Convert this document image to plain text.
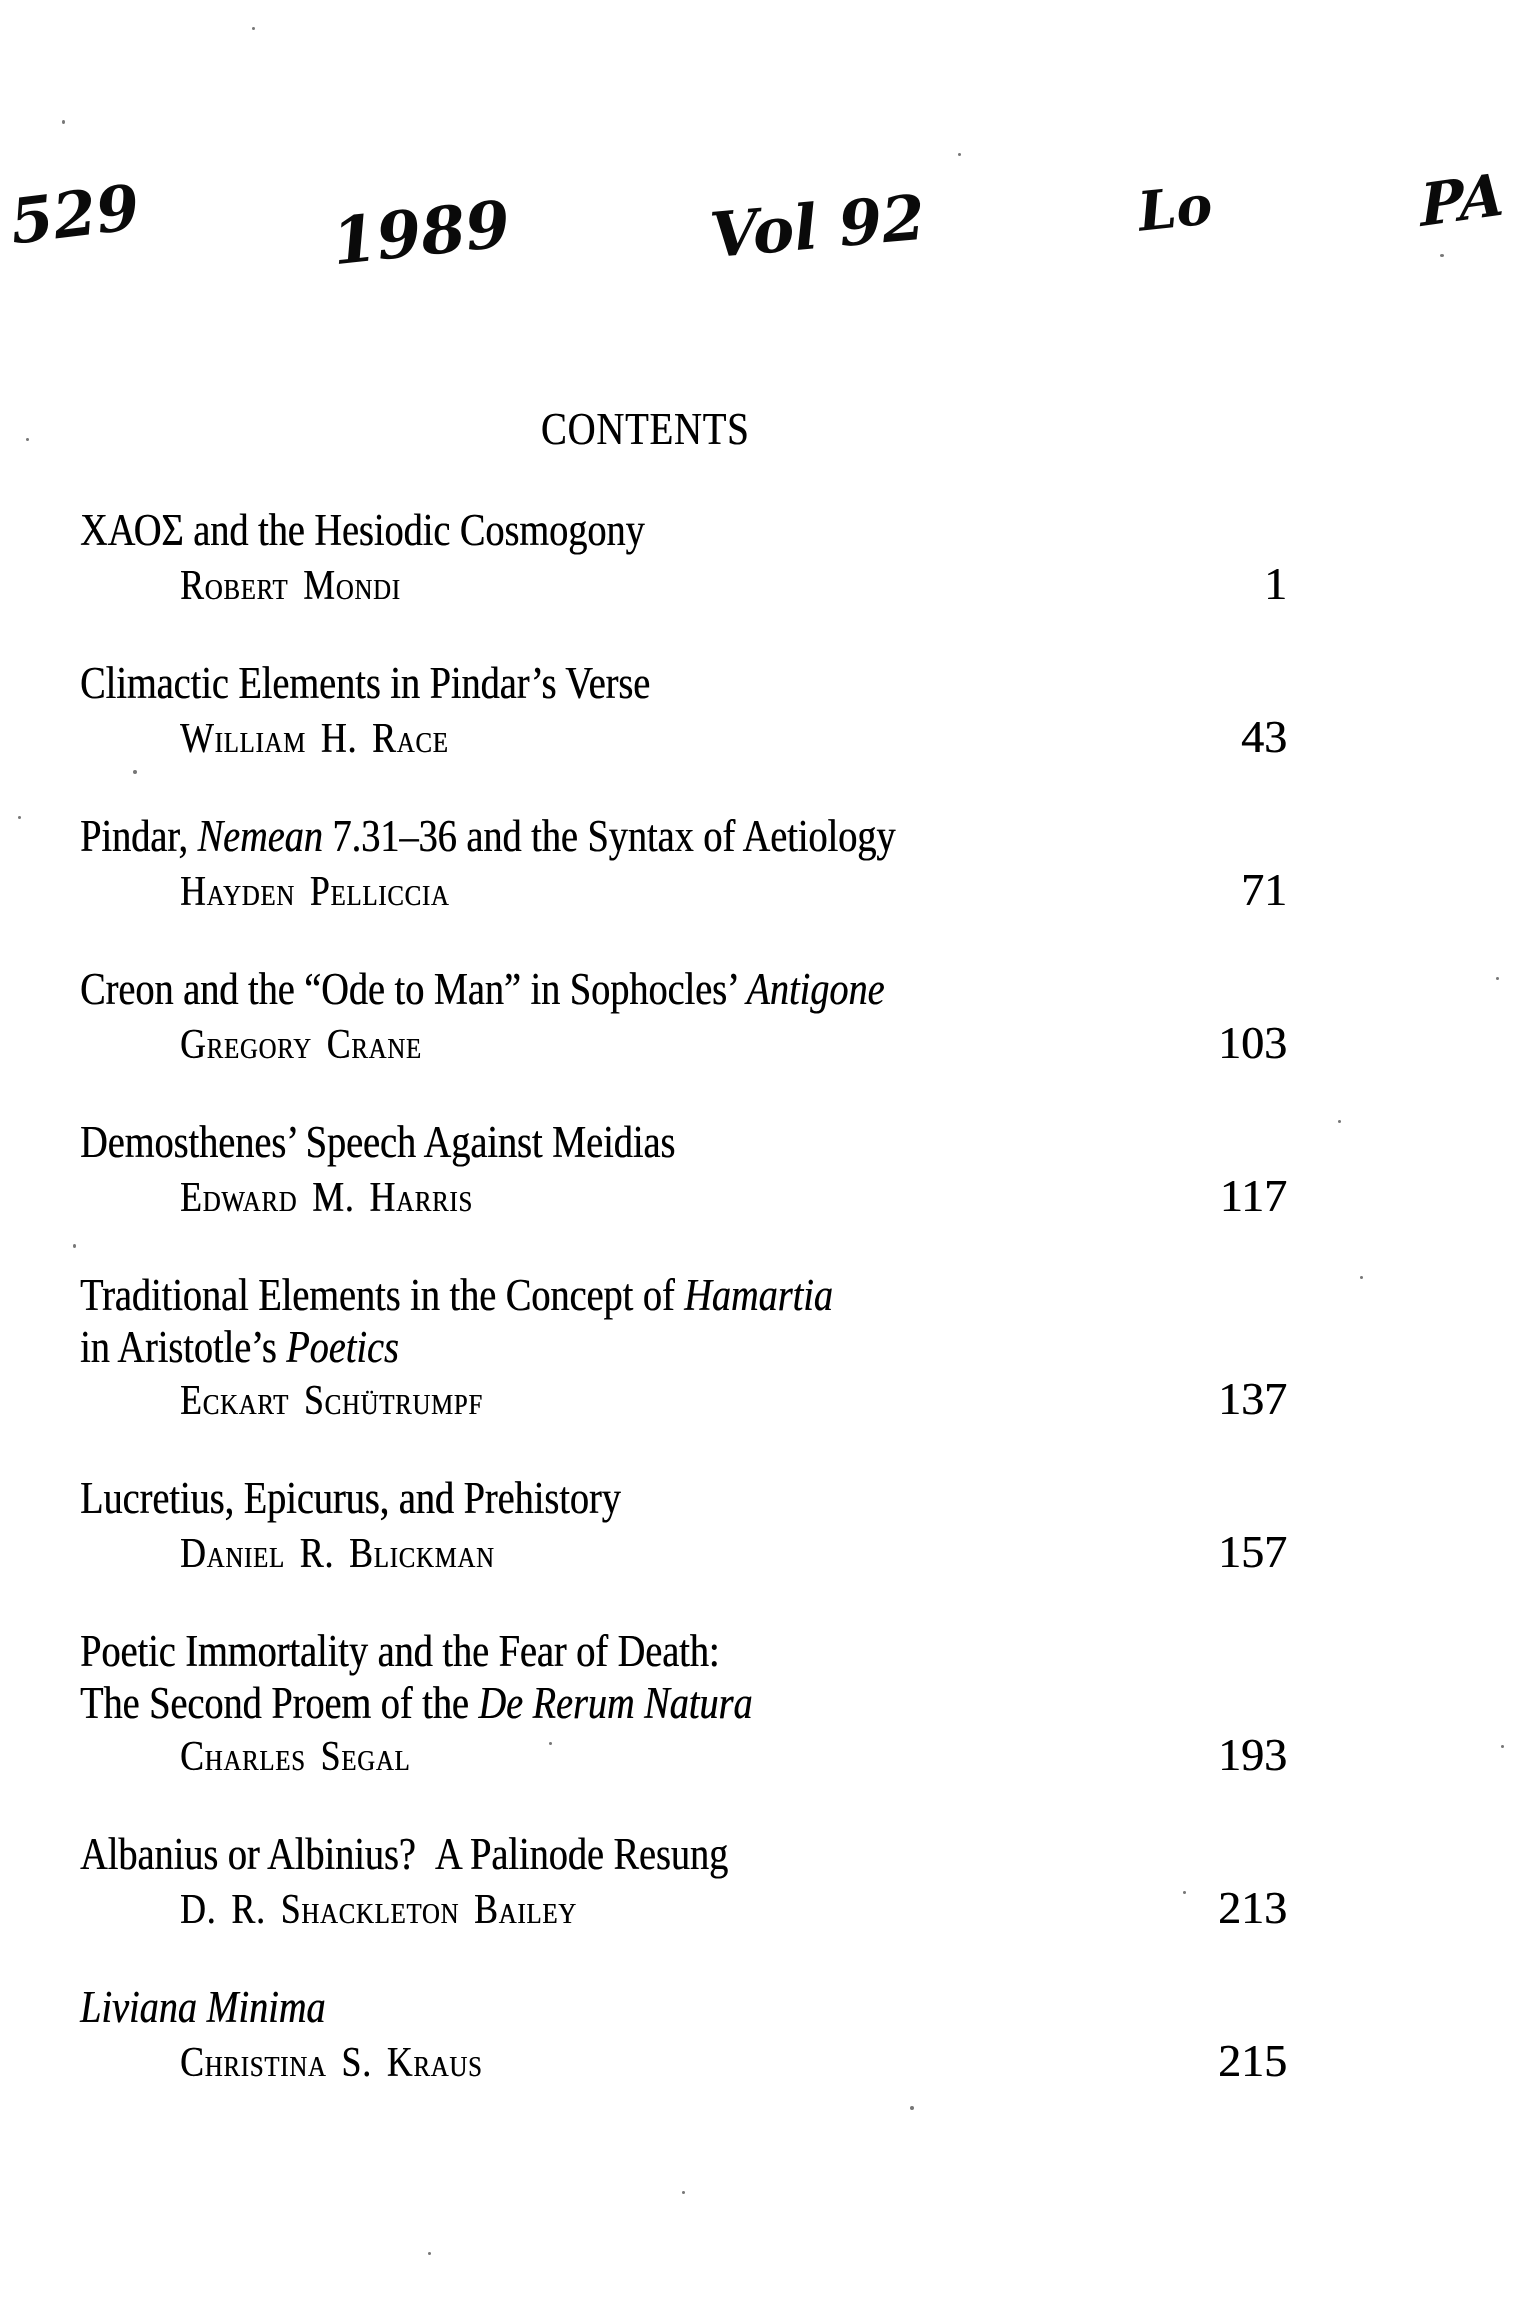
529	1989	Vol 92	Lo	PA
CONTENTS
ΧΑΟΣ and the Hesiodic Cosmogony
Robert Mondi	1
Climactic Elements in Pindar’s Verse
William H. Race	43
Pindar, Nemean 7.31–36 and the Syntax of Aetiology
Hayden Pelliccia	71
Creon and the “Ode to Man” in Sophocles’ Antigone
Gregory Crane	103
Demosthenes’ Speech Against Meidias
Edward M. Harris	117
Traditional Elements in the Concept of Hamartia
in Aristotle’s Poetics
Eckart Schütrumpf	137
Lucretius, Epicurus, and Prehistory
Daniel R. Blickman	157
Poetic Immortality and the Fear of Death:
The Second Proem of the De Rerum Natura
Charles Segal	193
Albanius or Albinius? A Palinode Resung
D. R. Shackleton Bailey	213
Liviana Minima
Christina S. Kraus	215
